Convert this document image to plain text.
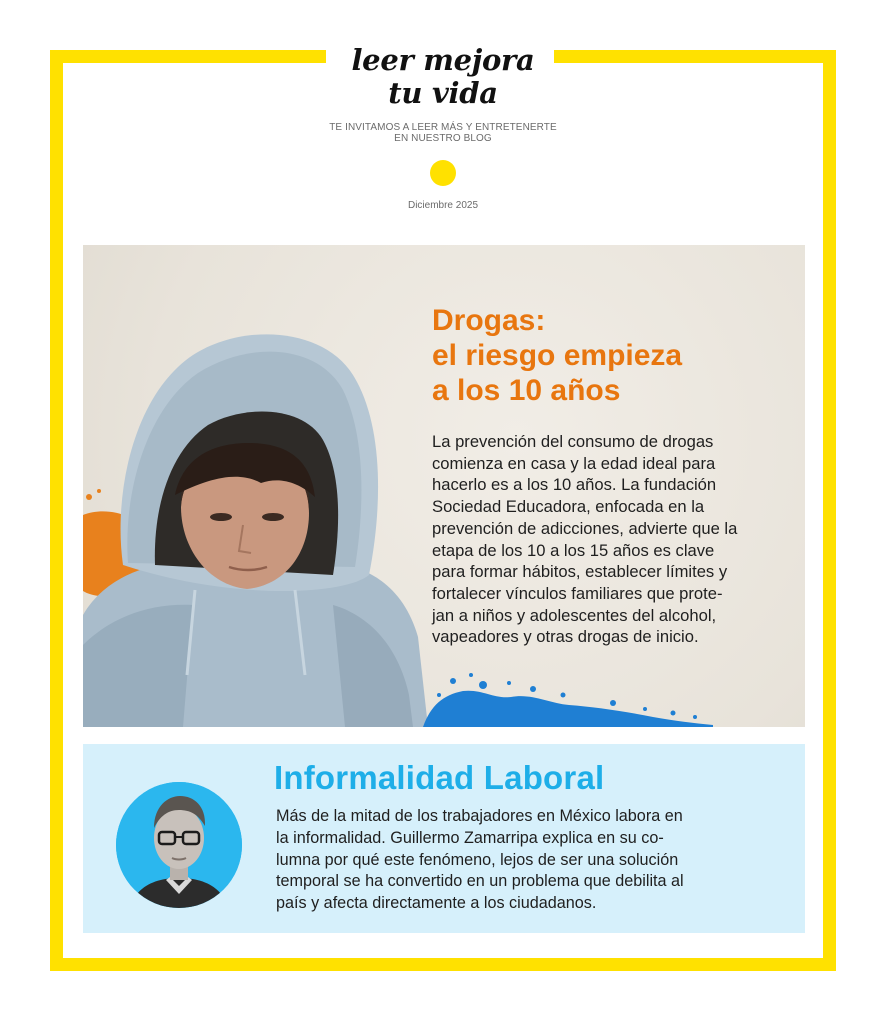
leer mejora
tu vida
TE INVITAMOS A LEER MÁS Y ENTRETENERTE
EN NUESTRO BLOG
Diciembre 2025
Drogas:
el riesgo empieza
a los 10 años
La prevención del consumo de drogas
comienza en casa y la edad ideal para
hacerlo es a los 10 años. La fundación
Sociedad Educadora, enfocada en la
prevención de adicciones, advierte que la
etapa de los 10 a los 15 años es clave
para formar hábitos, establecer límites y
fortalecer vínculos familiares que prote-
jan a niños y adolescentes del alcohol,
vapeadores y otras drogas de inicio.
Informalidad Laboral
Más de la mitad de los trabajadores en México labora en
la informalidad. Guillermo Zamarripa explica en su co-
lumna por qué este fenómeno, lejos de ser una solución
temporal se ha convertido en un problema que debilita al
país y afecta directamente a los ciudadanos.
